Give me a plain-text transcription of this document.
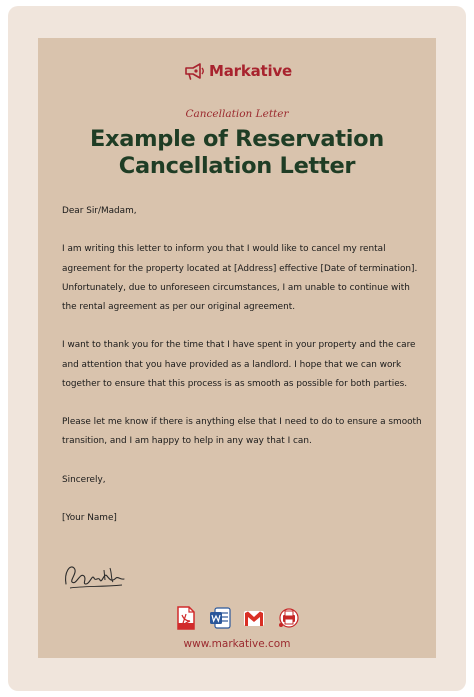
Markative
Cancellation Letter
Example of Reservation
Cancellation Letter

Dear Sir/Madam,

I am writing this letter to inform you that I would like to cancel my rental agreement for the property located at [Address] effective [Date of termination]. Unfortunately, due to unforeseen circumstances, I am unable to continue with the rental agreement as per our original agreement.

I want to thank you for the time that I have spent in your property and the care and attention that you have provided as a landlord. I hope that we can work together to ensure that this process is as smooth as possible for both parties.

Please let me know if there is anything else that I need to do to ensure a smooth transition, and I am happy to help in any way that I can.

Sincerely,

[Your Name]

www.markative.com
